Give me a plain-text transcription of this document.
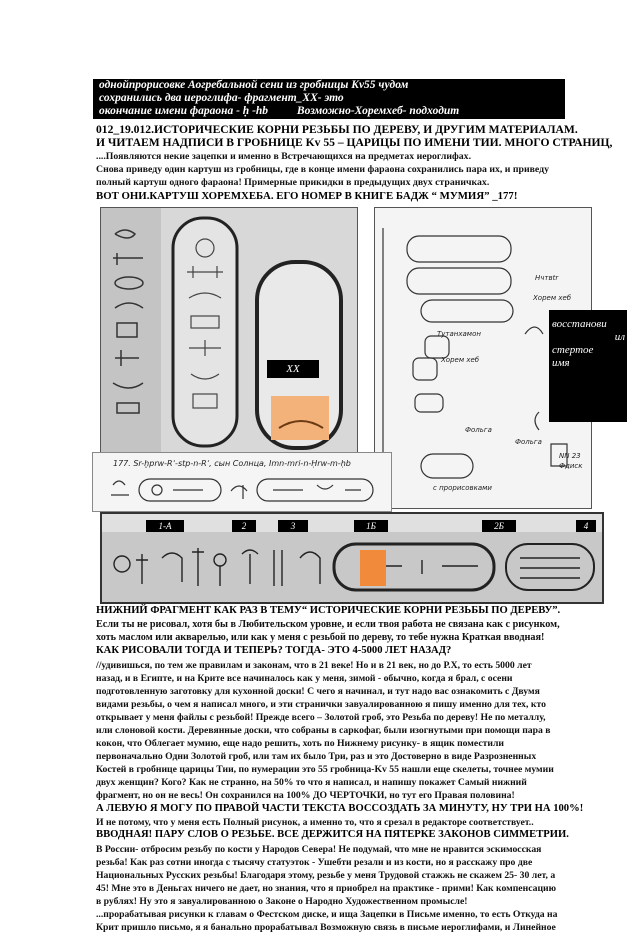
однойпрорисовке Аогребальной сени из гробницы Kv55 чудом
сохранились два иероглифа- фрагмент_XX- это
окончание имени фараона - ḥ -hb	Возможно-Хоремхеб- подходит
012_19.012.ИСТОРИЧЕСКИЕ КОРНИ РЕЗЬБЫ ПО ДЕРЕВУ, И ДРУГИМ МАТЕРИАЛАМ.
И ЧИТАЕМ НАДПИСИ В ГРОБНИЦЕ Kv 55 – ЦАРИЦЫ ПО ИМЕНИ ТИИ. МНОГО СТРАНИЦ,

....Появляются некие зацепки и именно в Встречающихся на предметах иероглифах.

Снова приведу один картуш из гробницы, где в конце имени фараона сохранились пара их, и приведу

полный картуш одного фараона! Примерные прикидки в предыдущих двух страничках.

ВОТ ОНИ.КАРТУШ ХОРЕМХЕБА. ЕГО НОМЕР В КНИГЕ БАДЖ “ МУМИЯ” _177!
XX
Нчтвtr
Хорем хеб
Тутанхамон
Хорем хеб
Фольга
Фольга
с прорисовками
NN 23
Фдиск
восстанови
ил
стертое
имя
177. Sr-ḫprw-Rʿ-stp-n-Rʿ, сын Солнца, Imn-mri-n-Ḥrw-m-ḥb
1-А	2	3	1Б	2Б	4
НИЖНИЙ ФРАГМЕНТ КАК РАЗ В ТЕМУ“ ИСТОРИЧЕСКИЕ КОРНИ РЕЗЬБЫ ПО ДЕРЕВУ”.

Если ты не рисовал, хотя бы в Любительском уровне, и если твоя работа не связана как с рисунком,

хоть маслом или акварелью, или как у меня с резьбой по дереву, то тебе нужна Краткая вводная!

КАК РИСОВАЛИ ТОГДА И ТЕПЕРЬ? ТОГДА- ЭТО 4-5000 ЛЕТ НАЗАД?

//удивишься, по тем же правилам и законам, что в 21 веке! Но и в 21 век, но до Р.Х, то есть 5000 лет

назад, и в Египте, и на Крите все начиналось как у меня, зимой - обычно, когда я брал, с осени

подготовленную заготовку для кухонной доски! С чего я начинал, и тут надо вас ознакомить с Двумя

видами резьбы, о чем я написал много, и эти странички завуалированною я пишу именно для тех, кто

открывает у меня файлы с резьбой! Прежде всего – Золотой гроб, это Резьба по дереву! Не по металлу,

или слоновой кости. Деревянные доски, что собраны в саркофаг, были изогнутыми при помощи пара в

кокон, что Облегает мумию, еще надо решить, хоть по Нижнему рисунку- в ящик поместили

первоначально Одни Золотой гроб, или там их было Три, раз и это Достоверно в виде Разрозненных

Костей в гробнице царицы Тии, по нумерации это 55 гробница-Kv 55 нашли еще скелеты, точнее мумии

двух женщин? Кого? Как не странно, на 50% то что я написал, и напишу покажет Самый нижний

фрагмент, но он не весь! Он сохранился на 100% ДО ЧЕРТОЧКИ, но тут его Правая половина!

А ЛЕВУЮ Я МОГУ ПО ПРАВОЙ ЧАСТИ ТЕКСТА ВОССОЗДАТЬ ЗА МИНУТУ, НУ ТРИ НА 100%!

И не потому, что у меня есть Полный рисунок, а именно то, что я срезал в редакторе соответствует..

ВВОДНАЯ! ПАРУ СЛОВ О РЕЗЬБЕ. ВСЕ ДЕРЖИТСЯ НА ПЯТЕРКЕ ЗАКОНОВ СИММЕТРИИ.

В России- отбросим резьбу по кости у Народов Севера! Не подумай, что мне не нравится эскимосская

резьба! Как раз сотни иногда с тысячу статуэток - Ушебти резали и из кости, но я расскажу про две

Национальных Русских резьбы! Благодаря этому, резьбе у меня Трудовой стажжь не скажем 25- 30 лет, а

45! Мне это в Деньгах ничего не дает, но знания, что я приобрел на практике - прими! Как компенсацию

в рублях! Ну это я завуалированною о Законе о Народно Художественном промысле!

...прорабатывая рисунки к главам о Фестском диске, и ища Зацепки в Письме именно, то есть Откуда на

Крит пришло письмо, я я банально прорабатывал Возможную связь в письме иероглифами, и Линейное
